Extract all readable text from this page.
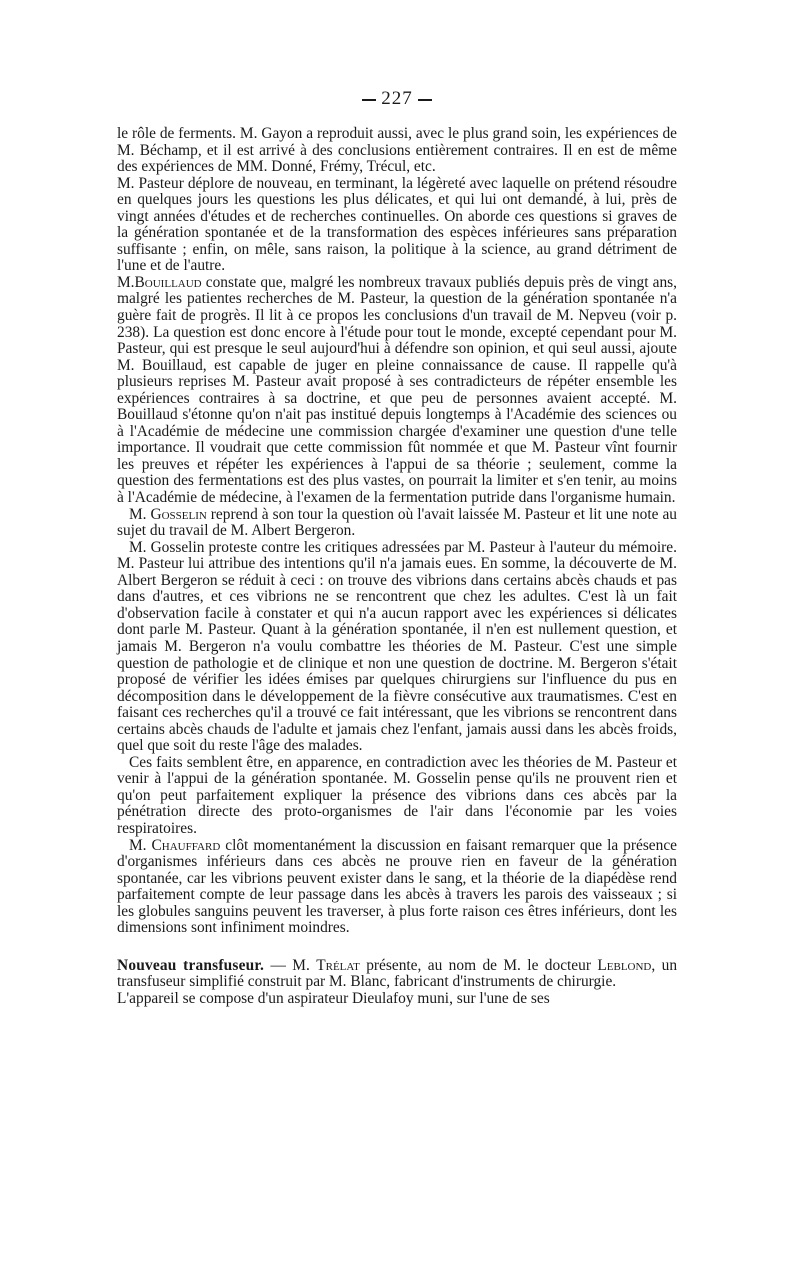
227

le rôle de ferments. M. Gayon a reproduit aussi, avec le plus grand soin, les expériences de M. Béchamp, et il est arrivé à des conclusions entièrement contraires. Il en est de même des expériences de MM. Donné, Frémy, Trécul, etc.

M. Pasteur déplore de nouveau, en terminant, la légèreté avec laquelle on prétend résoudre en quelques jours les questions les plus délicates, et qui lui ont demandé, à lui, près de vingt années d'études et de recherches continuelles. On aborde ces questions si graves de la génération spontanée et de la transformation des espèces inférieures sans préparation suffisante ; enfin, on mêle, sans raison, la politique à la science, au grand détriment de l'une et de l'autre.

M.Bouillaud constate que, malgré les nombreux travaux publiés depuis près de vingt ans, malgré les patientes recherches de M. Pasteur, la question de la génération spontanée n'a guère fait de progrès. Il lit à ce propos les conclusions d'un travail de M. Nepveu (voir p. 238). La question est donc encore à l'étude pour tout le monde, excepté cependant pour M. Pasteur, qui est presque le seul aujourd'hui à défendre son opinion, et qui seul aussi, ajoute M. Bouillaud, est capable de juger en pleine connaissance de cause. Il rappelle qu'à plusieurs reprises M. Pasteur avait proposé à ses contradicteurs de répéter ensemble les expériences contraires à sa doctrine, et que peu de personnes avaient accepté. M. Bouillaud s'étonne qu'on n'ait pas institué depuis longtemps à l'Académie des sciences ou à l'Académie de médecine une commission chargée d'examiner une question d'une telle importance. Il voudrait que cette commission fût nommée et que M. Pasteur vînt fournir les preuves et répéter les expériences à l'appui de sa théorie ; seulement, comme la question des fermentations est des plus vastes, on pourrait la limiter et s'en tenir, au moins à l'Académie de médecine, à l'examen de la fermentation putride dans l'organisme humain.

M. Gosselin reprend à son tour la question où l'avait laissée M. Pasteur et lit une note au sujet du travail de M. Albert Bergeron.

M. Gosselin proteste contre les critiques adressées par M. Pasteur à l'auteur du mémoire. M. Pasteur lui attribue des intentions qu'il n'a jamais eues. En somme, la découverte de M. Albert Bergeron se réduit à ceci : on trouve des vibrions dans certains abcès chauds et pas dans d'autres, et ces vibrions ne se rencontrent que chez les adultes. C'est là un fait d'observation facile à constater et qui n'a aucun rapport avec les expériences si délicates dont parle M. Pasteur. Quant à la génération spontanée, il n'en est nullement question, et jamais M. Bergeron n'a voulu combattre les théories de M. Pasteur. C'est une simple question de pathologie et de clinique et non une question de doctrine. M. Bergeron s'était proposé de vérifier les idées émises par quelques chirurgiens sur l'influence du pus en décomposition dans le développement de la fièvre consécutive aux traumatismes. C'est en faisant ces recherches qu'il a trouvé ce fait intéressant, que les vibrions se rencontrent dans certains abcès chauds de l'adulte et jamais chez l'enfant, jamais aussi dans les abcès froids, quel que soit du reste l'âge des malades.

Ces faits semblent être, en apparence, en contradiction avec les théories de M. Pasteur et venir à l'appui de la génération spontanée. M. Gosselin pense qu'ils ne prouvent rien et qu'on peut parfaitement expliquer la présence des vibrions dans ces abcès par la pénétration directe des proto-organismes de l'air dans l'économie par les voies respiratoires.

M. Chauffard clôt momentanément la discussion en faisant remarquer que la présence d'organismes inférieurs dans ces abcès ne prouve rien en faveur de la génération spontanée, car les vibrions peuvent exister dans le sang, et la théorie de la diapédèse rend parfaitement compte de leur passage dans les abcès à travers les parois des vaisseaux ; si les globules sanguins peuvent les traverser, à plus forte raison ces êtres inférieurs, dont les dimensions sont infiniment moindres.

Nouveau transfuseur. — M. Trélat présente, au nom de M. le docteur Leblond, un transfuseur simplifié construit par M. Blanc, fabricant d'instruments de chirurgie.

L'appareil se compose d'un aspirateur Dieulafoy muni, sur l'une de ses
